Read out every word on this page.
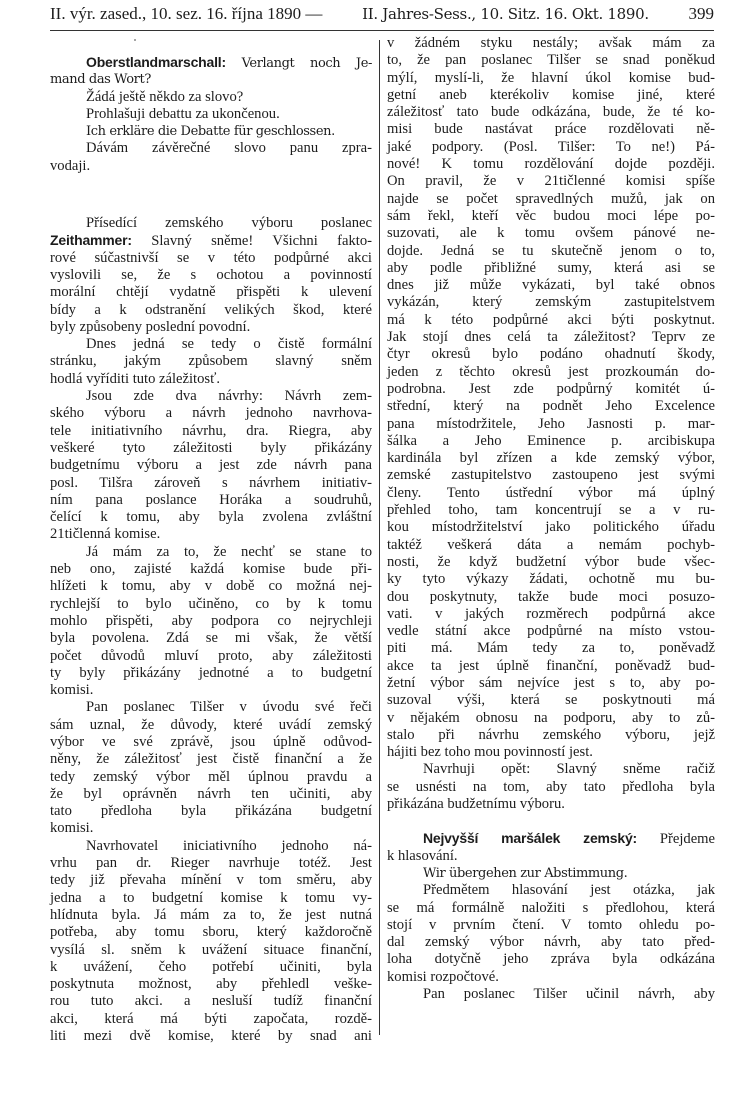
II. výr. zased., 10. sez. 16. října 1890 —	II. Jahres-Sess., 10. Sitz. 16. Okt. 1890. 399
Oberstlandmarschall: Verlangt noch Je-
mand das Wort?
Žádá ještě někdo za slovo?
Prohlašuji debattu za ukončenou.
Ich erkläre die Debatte für geschlossen.
Dávám závěrečné slovo panu zpra-
vodaji.
Přísedící zemského výboru poslanec
Zeithammer: Slavný sněme! Všichni fakto-
rové súčastnivší se v této podpůrné akci
vyslovili se, že s ochotou a povinností
morální chtějí vydatně přispěti k ulevení
bídy a k odstranění velikých škod, které
byly způsobeny poslední povodní.
Dnes jedná se tedy o čistě formální
stránku, jakým způsobem slavný sněm
hodlá vyříditi tuto záležitosť.
Jsou zde dva návrhy: Návrh zem-
ského výboru a návrh jednoho navrhova-
tele initiativního návrhu, dra. Riegra, aby
veškeré tyto záležitosti byly přikázány
budgetnímu výboru a jest zde návrh pana
posl. Tilšra zároveň s návrhem initiativ-
ním pana poslance Horáka a soudruhů,
čelící k tomu, aby byla zvolena zvláštní
21tičlenná komise.
Já mám za to, že nechť se stane to
neb ono, zajisté každá komise bude při-
hlížeti k tomu, aby v době co možná nej-
rychlejší to bylo učiněno, co by k tomu
mohlo přispěti, aby podpora co nejrychleji
byla povolena. Zdá se mi však, že větší
počet důvodů mluví proto, aby záležitosti
ty byly přikázány jednotné a to budgetní
komisi.
Pan poslanec Tilšer v úvodu své řeči
sám uznal, že důvody, které uvádí zemský
výbor ve své zprávě, jsou úplně odůvod-
něny, že záležitosť jest čistě finanční a že
tedy zemský výbor měl úplnou pravdu a
že byl oprávněn návrh ten učiniti, aby
tato předloha byla přikázána budgetní
komisi.
Navrhovatel iniciativního jednoho ná-
vrhu pan dr. Rieger navrhuje totéž. Jest
tedy již převaha mínění v tom směru, aby
jedna a to budgetní komise k tomu vy-
hlídnuta byla. Já mám za to, že jest nutná
potřeba, aby tomu sboru, který každoročně
vysílá sl. sněm k uvážení situace finanční,
k uvážení, čeho potřebí učiniti, byla
poskytnuta možnost, aby přehledl veške-
rou tuto akci. a nesluší tudíž finanční
akci, která má býti započata, rozdě-
liti mezi dvě komise, které by snad ani
v žádném styku nestály; avšak mám za
to, že pan poslanec Tilšer se snad poněkud
mýlí, myslí-li, že hlavní úkol komise bud-
getní aneb kterékoliv komise jiné, které
záležitosť tato bude odkázána, bude, že té ko-
misi bude nastávat práce rozdělovati ně-
jaké podpory. (Posl. Tilšer: To ne!) Pá-
nové! K tomu rozdělování dojde později.
On pravil, že v 21tičlenné komisi spíše
najde se počet spravedlných mužů, jak on
sám řekl, kteří věc budou moci lépe po-
suzovati, ale k tomu ovšem pánové ne-
dojde. Jedná se tu skutečně jenom o to,
aby podle přibližné sumy, která asi se
dnes již může vykázati, byl také obnos
vykázán, který zemským zastupitelstvem
má k této podpůrné akci býti poskytnut.
Jak stojí dnes celá ta záležitost? Teprv ze
čtyr okresů bylo podáno ohadnutí škody,
jeden z těchto okresů jest prozkoumán do-
podrobna. Jest zde podpůrný komitét ú-
střední, který na podnět Jeho Excelence
pana místodržitele, Jeho Jasnosti p. mar-
šálka a Jeho Eminence p. arcibiskupa
kardinála byl zřízen a kde zemský výbor,
zemské zastupitelstvo zastoupeno jest svými
členy. Tento ústřední výbor má úplný
přehled toho, tam koncentrují se a v ru-
kou místodržitelství jako politického úřadu
taktéž veškerá dáta a nemám pochyb-
nosti, že když budžetní výbor bude všec-
ky tyto výkazy žádati, ochotně mu bu-
dou poskytnuty, takže bude moci posuzo-
vati. v jakých rozměrech podpůrná akce
vedle státní akce podpůrné na místo vstou-
piti má. Mám tedy za to, poněvadž
akce ta jest úplně finanční, poněvadž bud-
žetní výbor sám nejvíce jest s to, aby po-
suzoval výši, která se poskytnouti má
v nějakém obnosu na podporu, aby to zů-
stalo při návrhu zemského výboru, jejž
hájiti bez toho mou povinností jest.
Navrhuji opět: Slavný sněme račiž
se usnésti na tom, aby tato předloha byla
přikázána budžetnímu výboru.
Nejvyšší maršálek zemský: Přejdeme
k hlasování.
Wir übergehen zur Abstimmung.
Předmětem hlasování jest otázka, jak
se má formálně naložiti s předlohou, která
stojí v prvním čtení. V tomto ohledu po-
dal zemský výbor návrh, aby tato před-
loha dotyčně jeho zpráva byla odkázána
komisi rozpočtové.
Pan poslanec Tilšer učinil návrh, aby
